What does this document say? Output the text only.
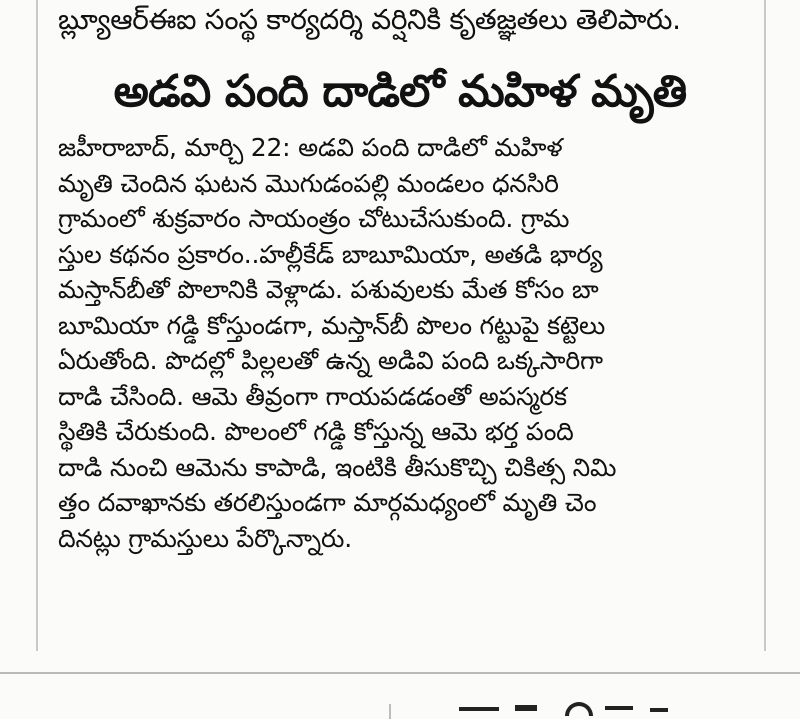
బ్ల్యూఆర్‌ఈఐ సంస్థ కార్యదర్శి వర్షినికి కృతజ్ఞతలు తెలిపారు.
అడవి పంది దాడిలో మహిళ మృతి
జహీరాబాద్, మార్చి 22: అడవి పంది దాడిలో మహిళ
మృతి చెందిన ఘటన మొగుడంపల్లి మండలం ధనసిరి
గ్రామంలో శుక్రవారం సాయంత్రం చోటుచేసుకుంది. గ్రామ
స్తుల కథనం ప్రకారం..హల్లీకేడ్ బాబూమియా, అతడి భార్య
మస్తాన్‌బీతో పొలానికి వెళ్లాడు. పశువులకు మేత కోసం బా
బూమియా గడ్డి కోస్తుండగా, మస్తాన్‌బీ పొలం గట్టుపై కట్టెలు
ఏరుతోంది. పొదల్లో పిల్లలతో ఉన్న అడివి పంది ఒక్కసారిగా
దాడి చేసింది. ఆమె తీవ్రంగా గాయపడడంతో అపస్మరక
స్థితికి చేరుకుంది. పొలంలో గడ్డి కోస్తున్న ఆమె భర్త పంది
దాడి నుంచి ఆమెను కాపాడి, ఇంటికి తీసుకొచ్చి చికిత్స నిమి
త్తం దవాఖానకు తరలిస్తుండగా మార్గమధ్యంలో మృతి చెం
దినట్లు గ్రామస్తులు పేర్కొన్నారు.
